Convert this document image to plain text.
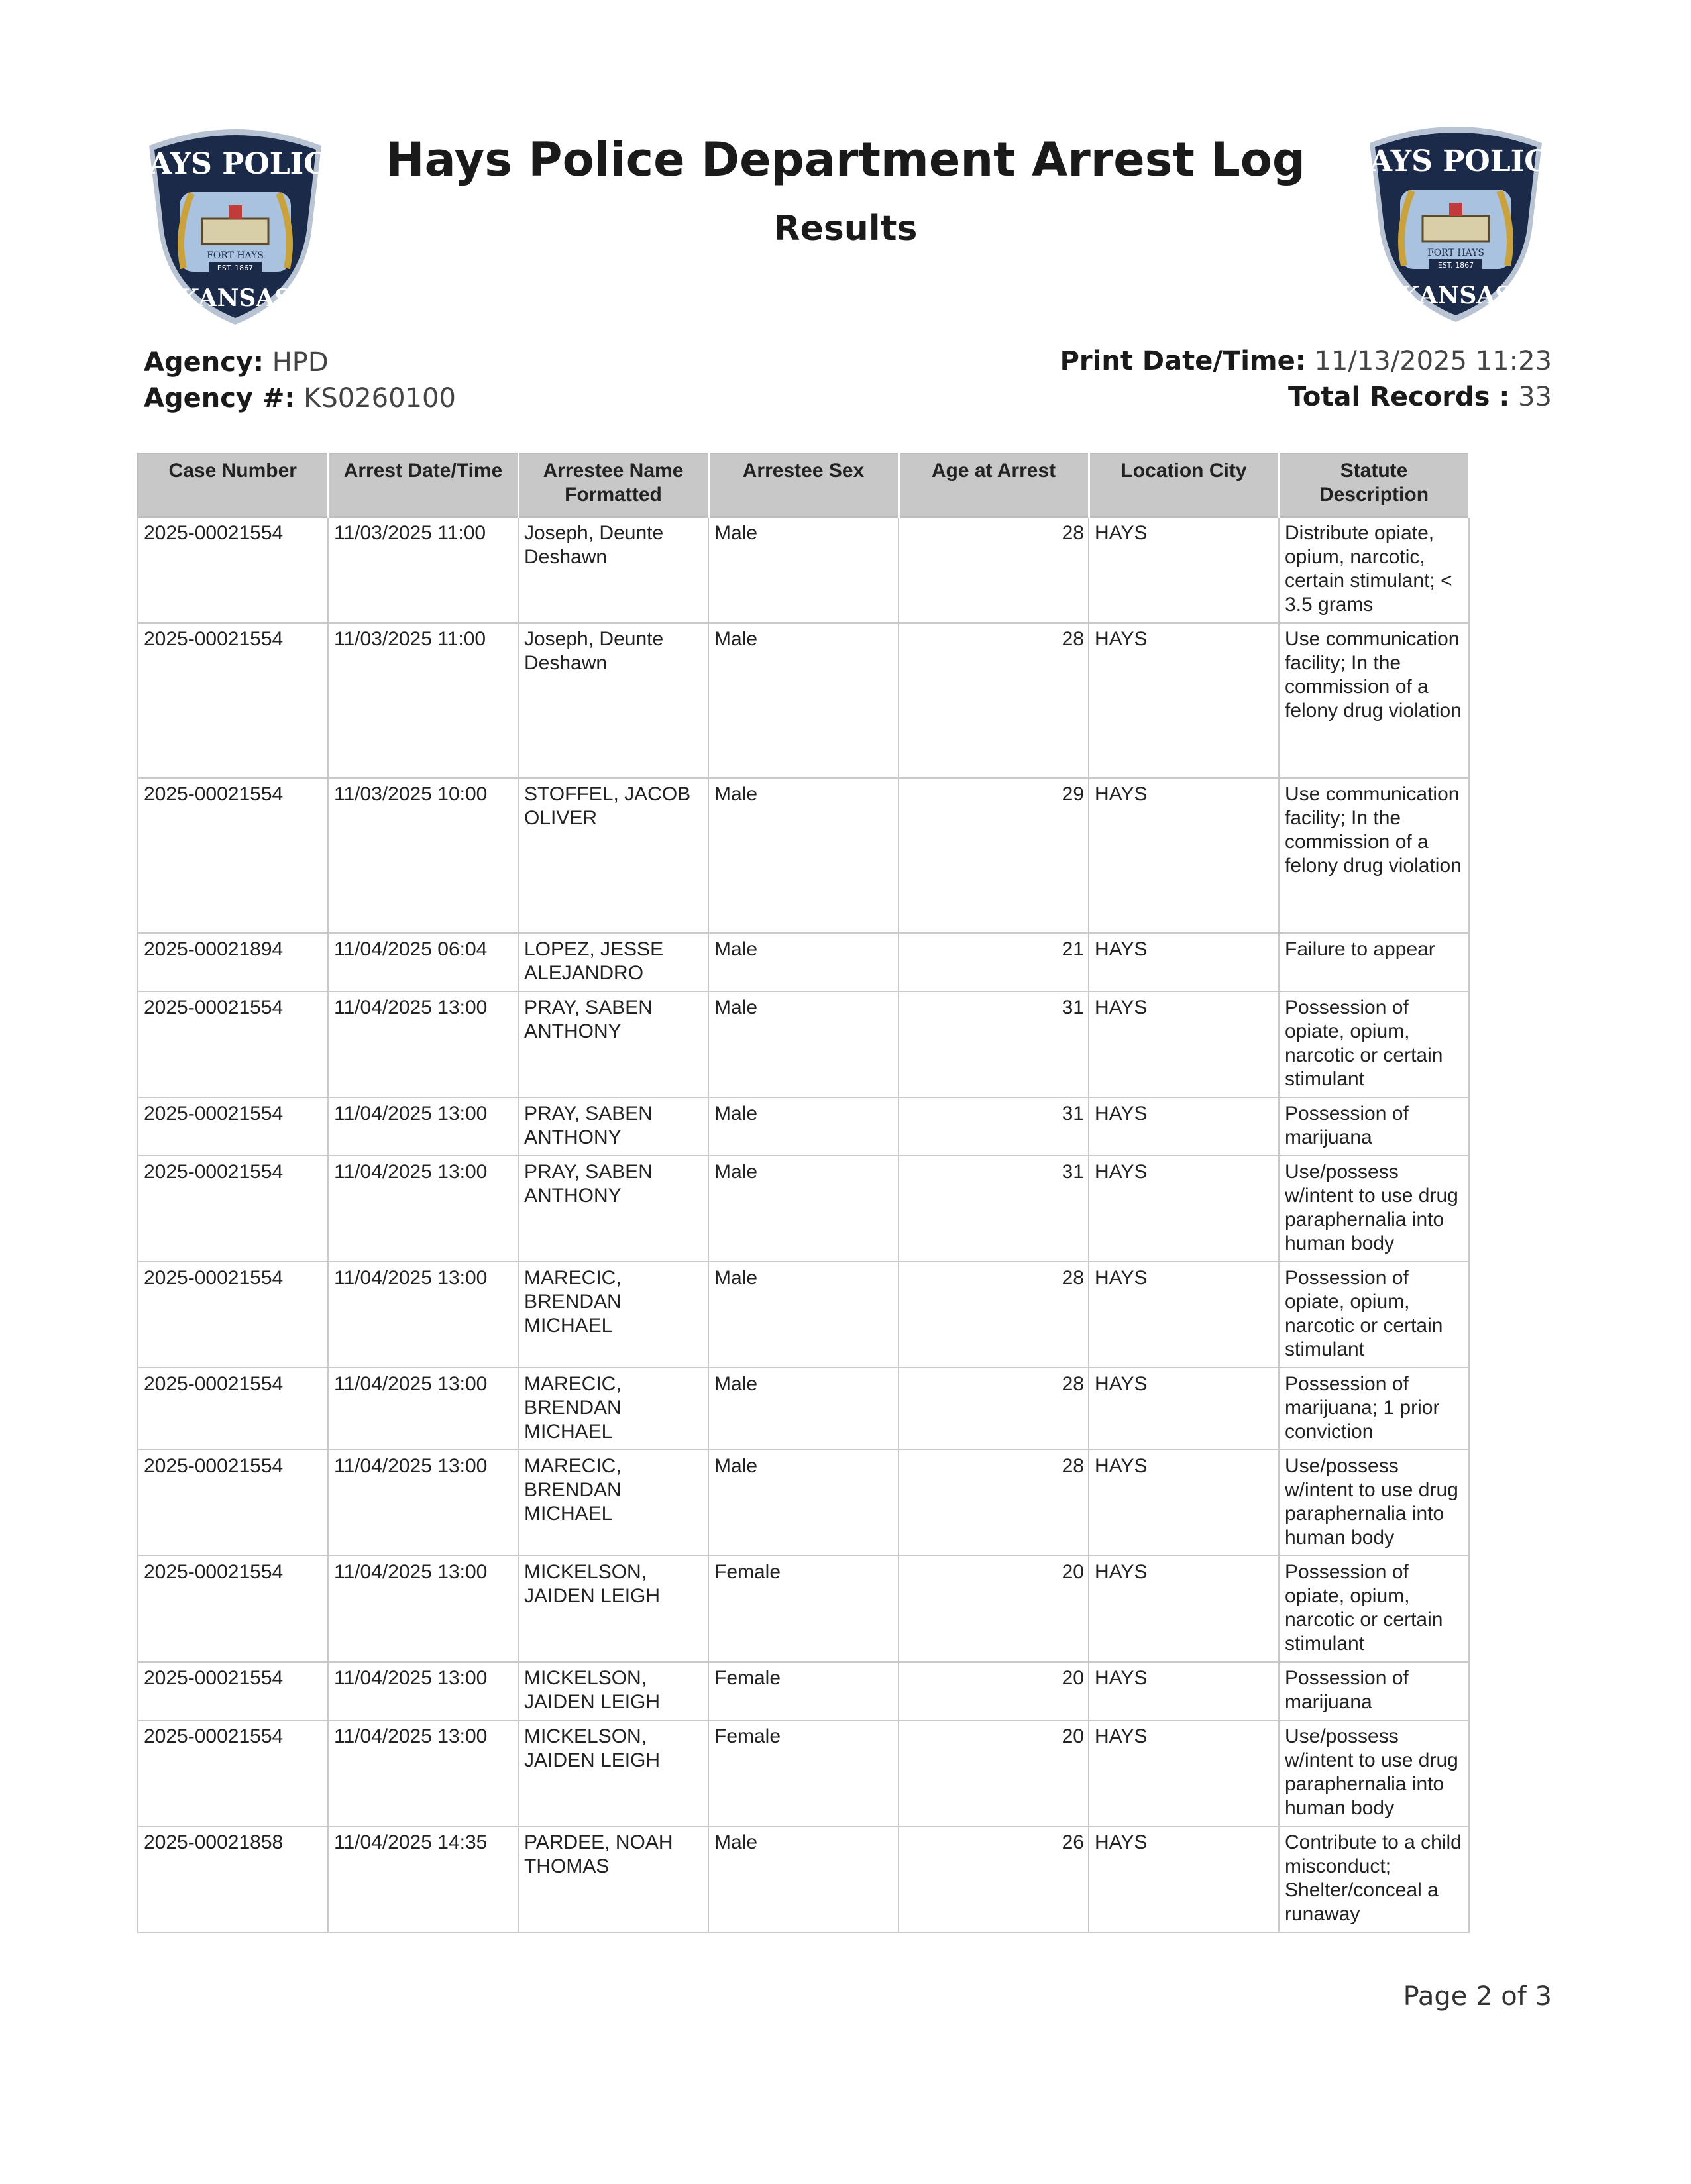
HAYS POLICE
FORT HAYS
EST. 1867
KANSAS
HAYS POLICE
FORT HAYS
EST. 1867
KANSAS
Hays Police Department Arrest Log
Results
Agency: HPD
Agency #: KS0260100
Print Date/Time: 11/13/2025 11:23
Total Records : 33
Case Number	Arrest Date/Time	Arrestee Name Formatted	Arrestee Sex	Age at Arrest	Location City	Statute Description
2025-00021554	11/03/2025 11:00	Joseph, Deunte Deshawn	Male	28	HAYS	Distribute opiate, opium, narcotic, certain stimulant; < 3.5 grams
2025-00021554	11/03/2025 11:00	Joseph, Deunte Deshawn	Male	28	HAYS	Use communication facility; In the commission of a felony drug violation
2025-00021554	11/03/2025 10:00	STOFFEL, JACOB OLIVER	Male	29	HAYS	Use communication facility; In the commission of a felony drug violation
2025-00021894	11/04/2025 06:04	LOPEZ, JESSE ALEJANDRO	Male	21	HAYS	Failure to appear
2025-00021554	11/04/2025 13:00	PRAY, SABEN ANTHONY	Male	31	HAYS	Possession of opiate, opium, narcotic or certain stimulant
2025-00021554	11/04/2025 13:00	PRAY, SABEN ANTHONY	Male	31	HAYS	Possession of marijuana
2025-00021554	11/04/2025 13:00	PRAY, SABEN ANTHONY	Male	31	HAYS	Use/possess w/intent to use drug paraphernalia into human body
2025-00021554	11/04/2025 13:00	MARECIC, BRENDAN MICHAEL	Male	28	HAYS	Possession of opiate, opium, narcotic or certain stimulant
2025-00021554	11/04/2025 13:00	MARECIC, BRENDAN MICHAEL	Male	28	HAYS	Possession of marijuana; 1 prior conviction
2025-00021554	11/04/2025 13:00	MARECIC, BRENDAN MICHAEL	Male	28	HAYS	Use/possess w/intent to use drug paraphernalia into human body
2025-00021554	11/04/2025 13:00	MICKELSON, JAIDEN LEIGH	Female	20	HAYS	Possession of opiate, opium, narcotic or certain stimulant
2025-00021554	11/04/2025 13:00	MICKELSON, JAIDEN LEIGH	Female	20	HAYS	Possession of marijuana
2025-00021554	11/04/2025 13:00	MICKELSON, JAIDEN LEIGH	Female	20	HAYS	Use/possess w/intent to use drug paraphernalia into human body
2025-00021858	11/04/2025 14:35	PARDEE, NOAH THOMAS	Male	26	HAYS	Contribute to a child misconduct; Shelter/conceal a runaway
Page 2 of 3
